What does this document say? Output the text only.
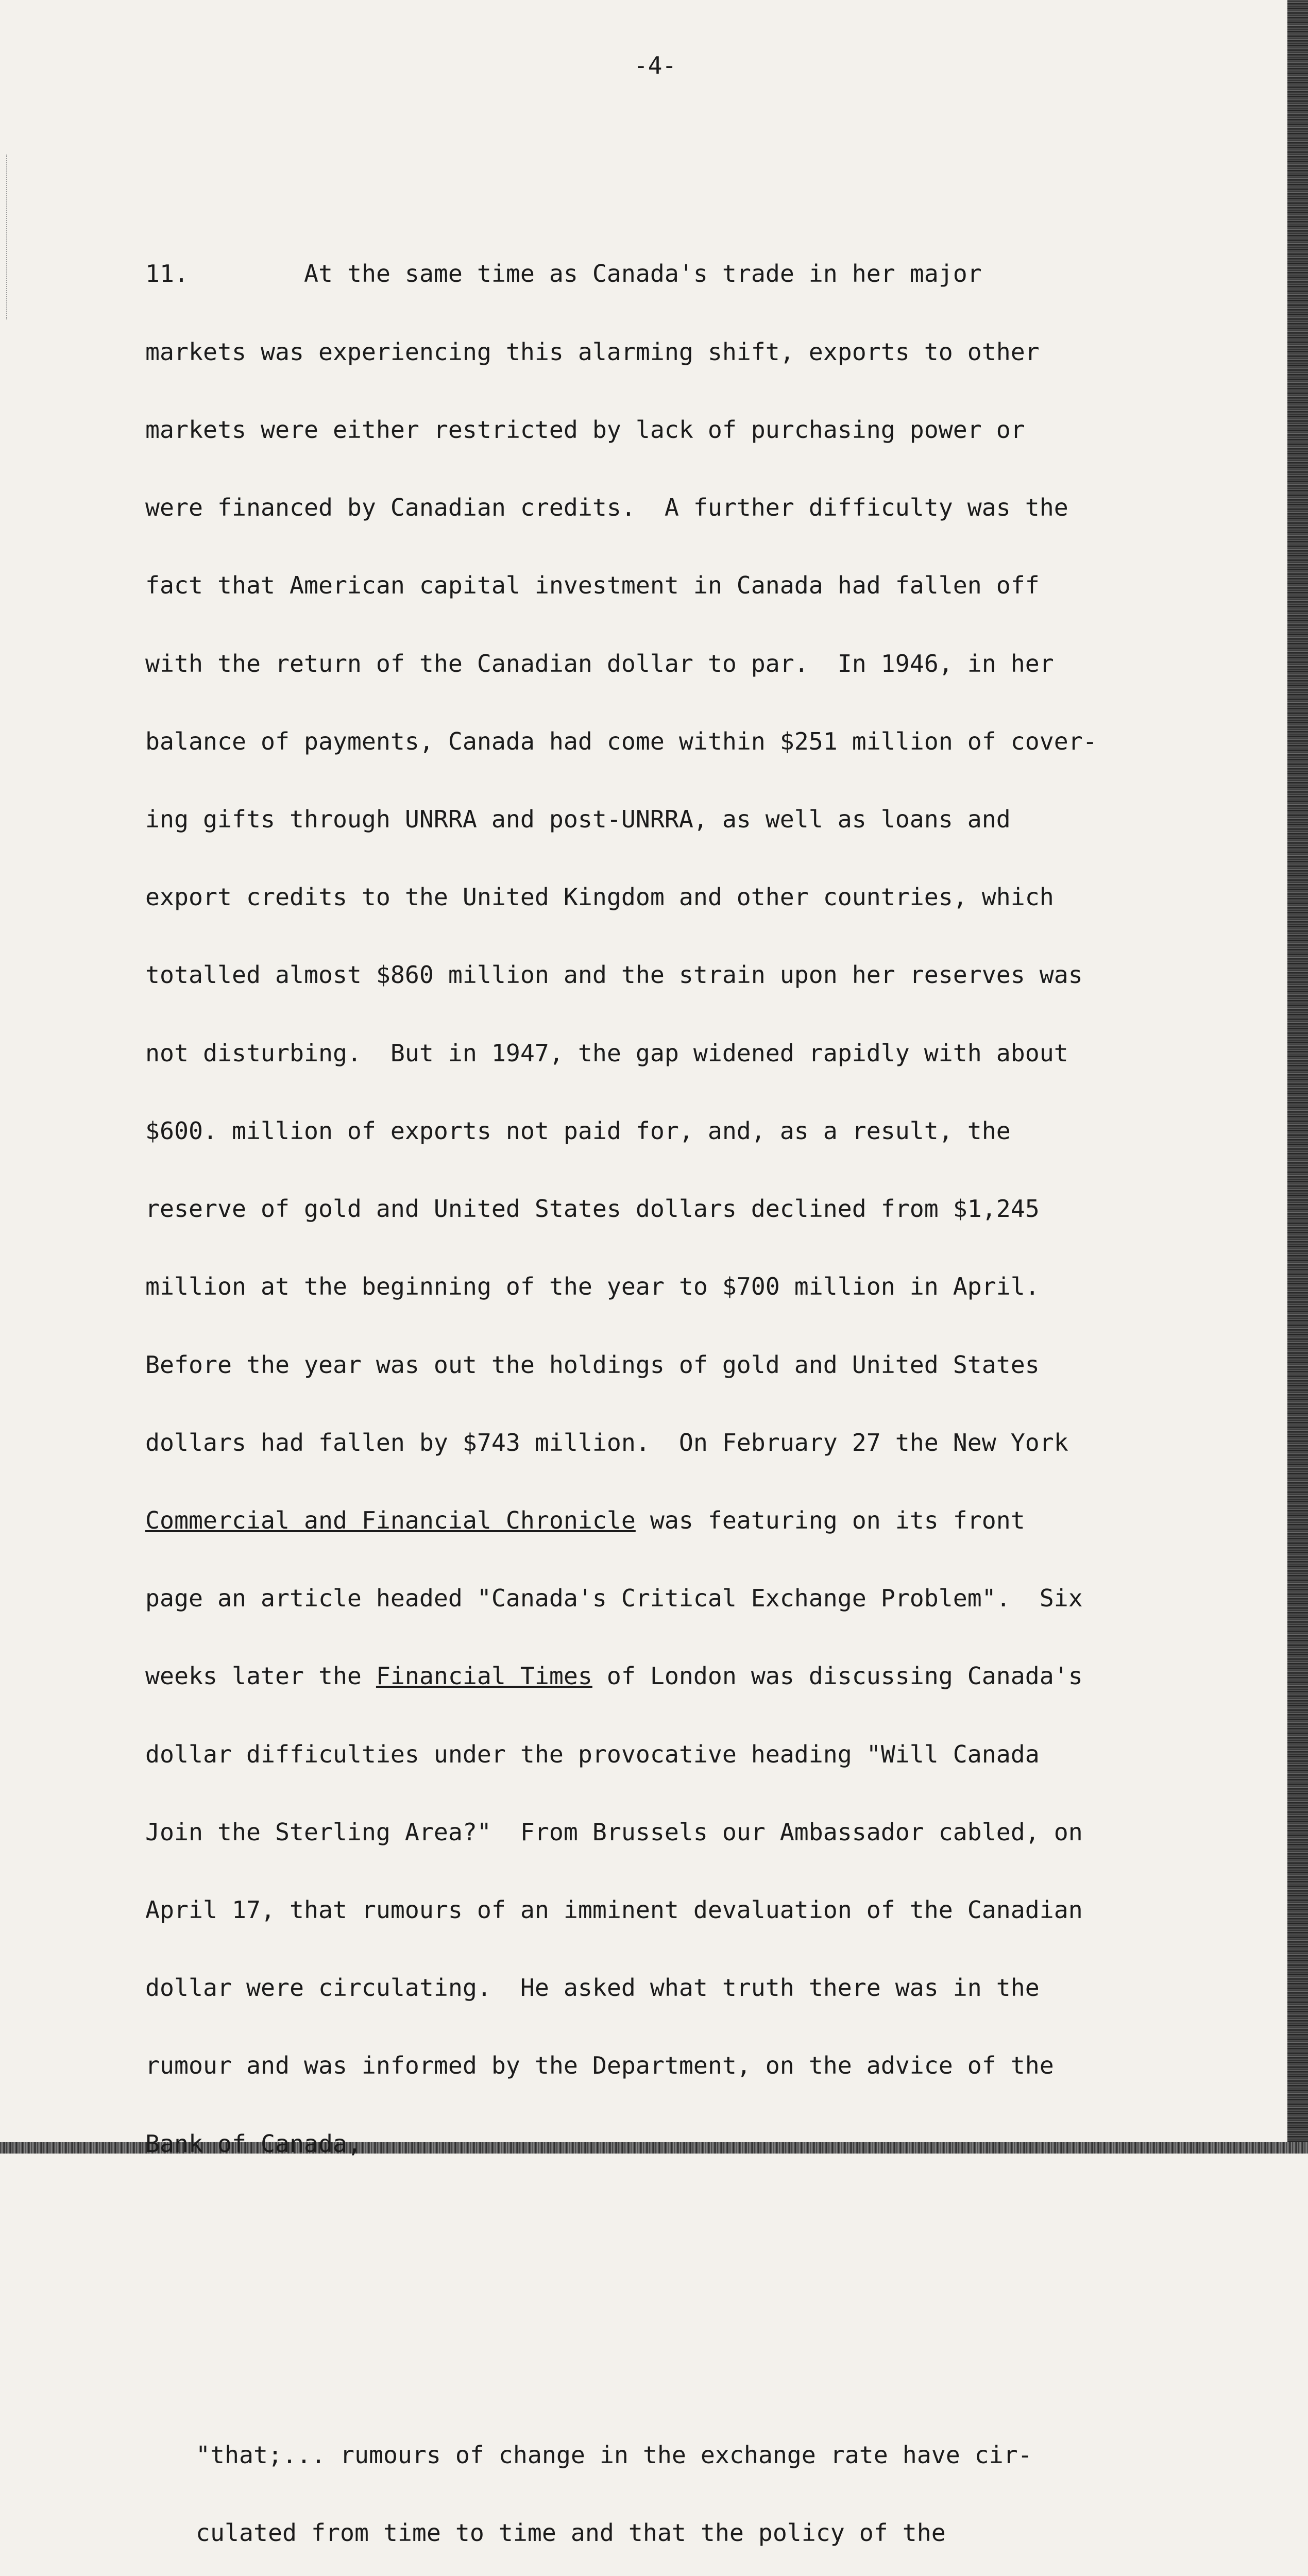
-4-

11.	At the same time as Canada's trade in her major

markets was experiencing this alarming shift, exports to other

markets were either restricted by lack of purchasing power or

were financed by Canadian credits.  A further difficulty was the

fact that American capital investment in Canada had fallen off

with the return of the Canadian dollar to par.  In 1946, in her

balance of payments, Canada had come within $251 million of cover-

ing gifts through UNRRA and post-UNRRA, as well as loans and

export credits to the United Kingdom and other countries, which

totalled almost $860 million and the strain upon her reserves was

not disturbing.  But in 1947, the gap widened rapidly with about

$600. million of exports not paid for, and, as a result, the

reserve of gold and United States dollars declined from $1,245

million at the beginning of the year to $700 million in April.

Before the year was out the holdings of gold and United States

dollars had fallen by $743 million.  On February 27 the New York

Commercial and Financial Chronicle was featuring on its front

page an article headed "Canada's Critical Exchange Problem".  Six

weeks later the Financial Times of London was discussing Canada's

dollar difficulties under the provocative heading "Will Canada

Join the Sterling Area?"  From Brussels our Ambassador cabled, on

April 17, that rumours of an imminent devaluation of the Canadian

dollar were circulating.  He asked what truth there was in the

rumour and was informed by the Department, on the advice of the

Bank of Canada,

"that;... rumours of change in the exchange rate have cir-

culated from time to time and that the policy of the
